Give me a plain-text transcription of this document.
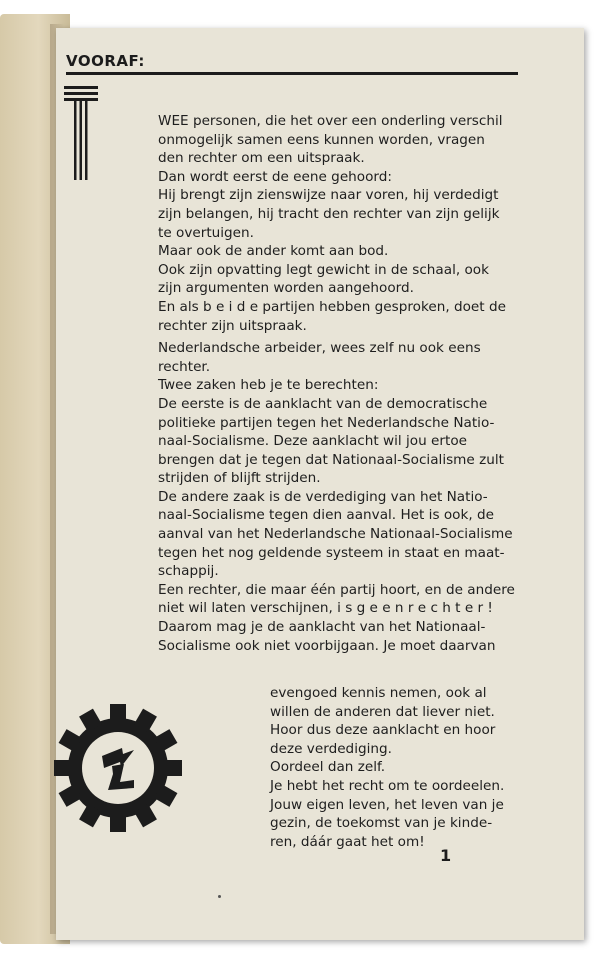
VOORAF:
WEE personen, die het over een onderling verschil
onmogelijk samen eens kunnen worden, vragen
den rechter om een uitspraak.
Dan wordt eerst de eene gehoord:
Hij brengt zijn zienswijze naar voren, hij verdedigt
zijn belangen, hij tracht den rechter van zijn gelijk
te overtuigen.
Maar ook de ander komt aan bod.
Ook zijn opvatting legt gewicht in de schaal, ook
zijn argumenten worden aangehoord.
En als b e i d e partijen hebben gesproken, doet de
rechter zijn uitspraak.
Nederlandsche arbeider, wees zelf nu ook eens
rechter.
Twee zaken heb je te berechten:
De eerste is de aanklacht van de democratische
politieke partijen tegen het Nederlandsche Natio-
naal-Socialisme. Deze aanklacht wil jou ertoe
brengen dat je tegen dat Nationaal-Socialisme zult
strijden of blijft strijden.
De andere zaak is de verdediging van het Natio-
naal-Socialisme tegen dien aanval. Het is ook, de
aanval van het Nederlandsche Nationaal-Socialisme
tegen het nog geldende systeem in staat en maat-
schappij.
Een rechter, die maar één partij hoort, en de andere
niet wil laten verschijnen, i s g e e n r e c h t e r !
Daarom mag je de aanklacht van het Nationaal-
Socialisme ook niet voorbijgaan. Je moet daarvan
evengoed kennis nemen, ook al
willen de anderen dat liever niet.
Hoor dus deze aanklacht en hoor
deze verdediging.
Oordeel dan zelf.
Je hebt het recht om te oordeelen.
Jouw eigen leven, het leven van je
gezin, de toekomst van je kinde-
ren, dáár gaat het om!
1
